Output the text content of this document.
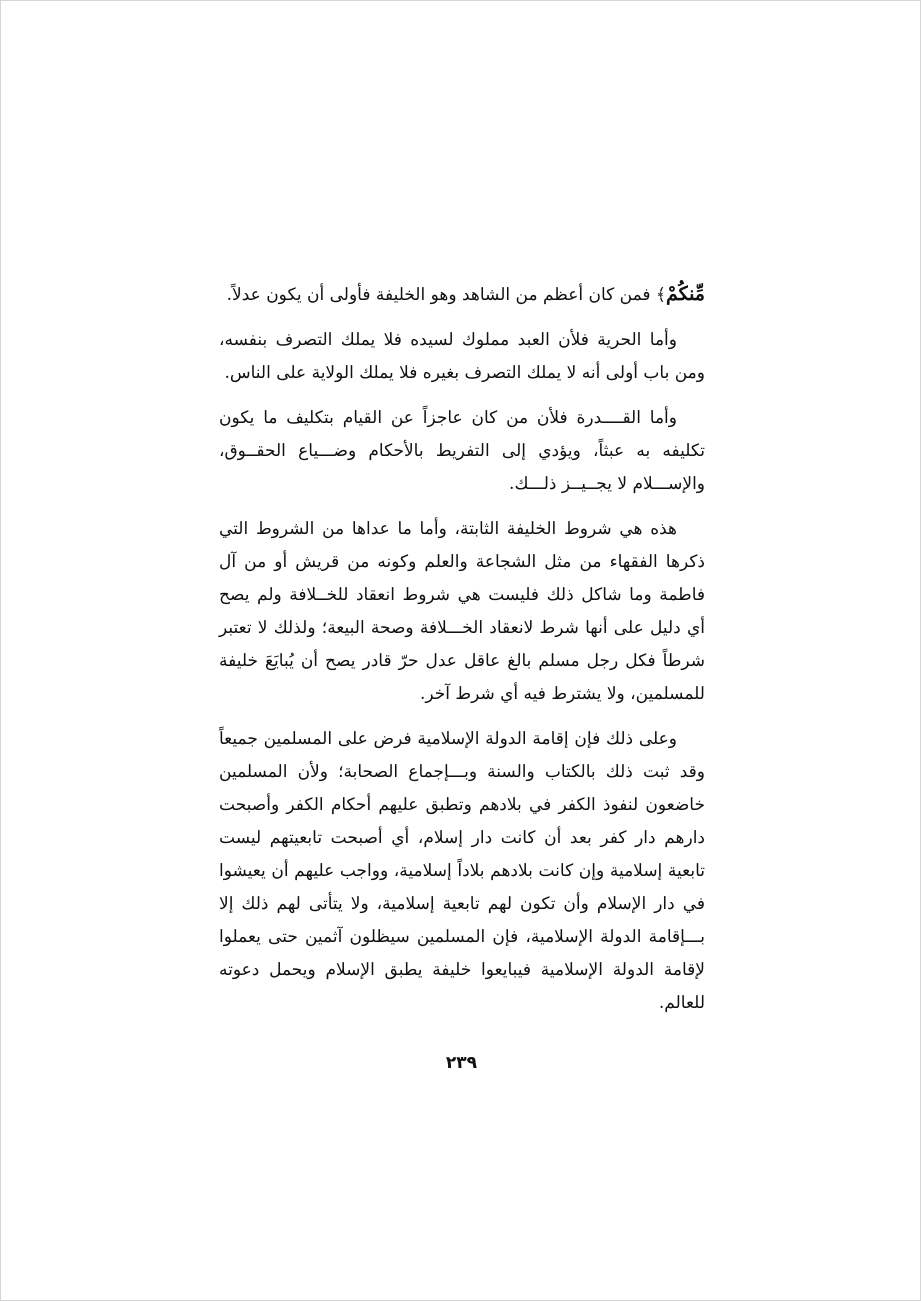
مِّنكُمْ﴾ فمن كان أعظم من الشاهد وهو الخليفة فأولى أن يكون عدلاً.

وأما الحرية فلأن العبد مملوك لسيده فلا يملك التصرف بنفسه، ومن باب أولى أنه لا يملك التصرف بغيره فلا يملك الولاية على الناس.

وأما القــــدرة فلأن من كان عاجزاً عن القيام بتكليف ما يكون تكليفه به عبثاً، ويؤدي إلى التفريط بالأحكام وضـــياع الحقــوق، والإســـلام لا يجــيــز ذلـــك.

هذه هي شروط الخليفة الثابتة، وأما ما عداها من الشروط التي ذكرها الفقهاء من مثل الشجاعة والعلم وكونه من قريش أو من آل فاطمة وما شاكل ذلك فليست هي شروط انعقاد للخــلافة ولم يصح أي دليل على أنها شرط لانعقاد الخـــلافة وصحة البيعة؛ ولذلك لا تعتبر شرطاً فكل رجل مسلم بالغ عاقل عدل حرّ قادر يصح أن يُبايَعَ خليفة للمسلمين، ولا يشترط فيه أي شرط آخر.

وعلى ذلك فإن إقامة الدولة الإسلامية فرض على المسلمين جميعاً وقد ثبت ذلك بالكتاب والسنة وبـــإجماع الصحابة؛ ولأن المسلمين خاضعون لنفوذ الكفر في بلادهم وتطبق عليهم أحكام الكفر وأصبحت دارهم دار كفر بعد أن كانت دار إسلام، أي أصبحت تابعيتهم ليست تابعية إسلامية وإن كانت بلادهم بلاداً إسلامية، وواجب عليهم أن يعيشوا في دار الإسلام وأن تكون لهم تابعية إسلامية، ولا يتأتى لهم ذلك إلا بـــإقامة الدولة الإسلامية، فإن المسلمين سيظلون آثمين حتى يعملوا لإقامة الدولة الإسلامية فيبايعوا خليفة يطبق الإسلام ويحمل دعوته للعالم.

٢٣٩
